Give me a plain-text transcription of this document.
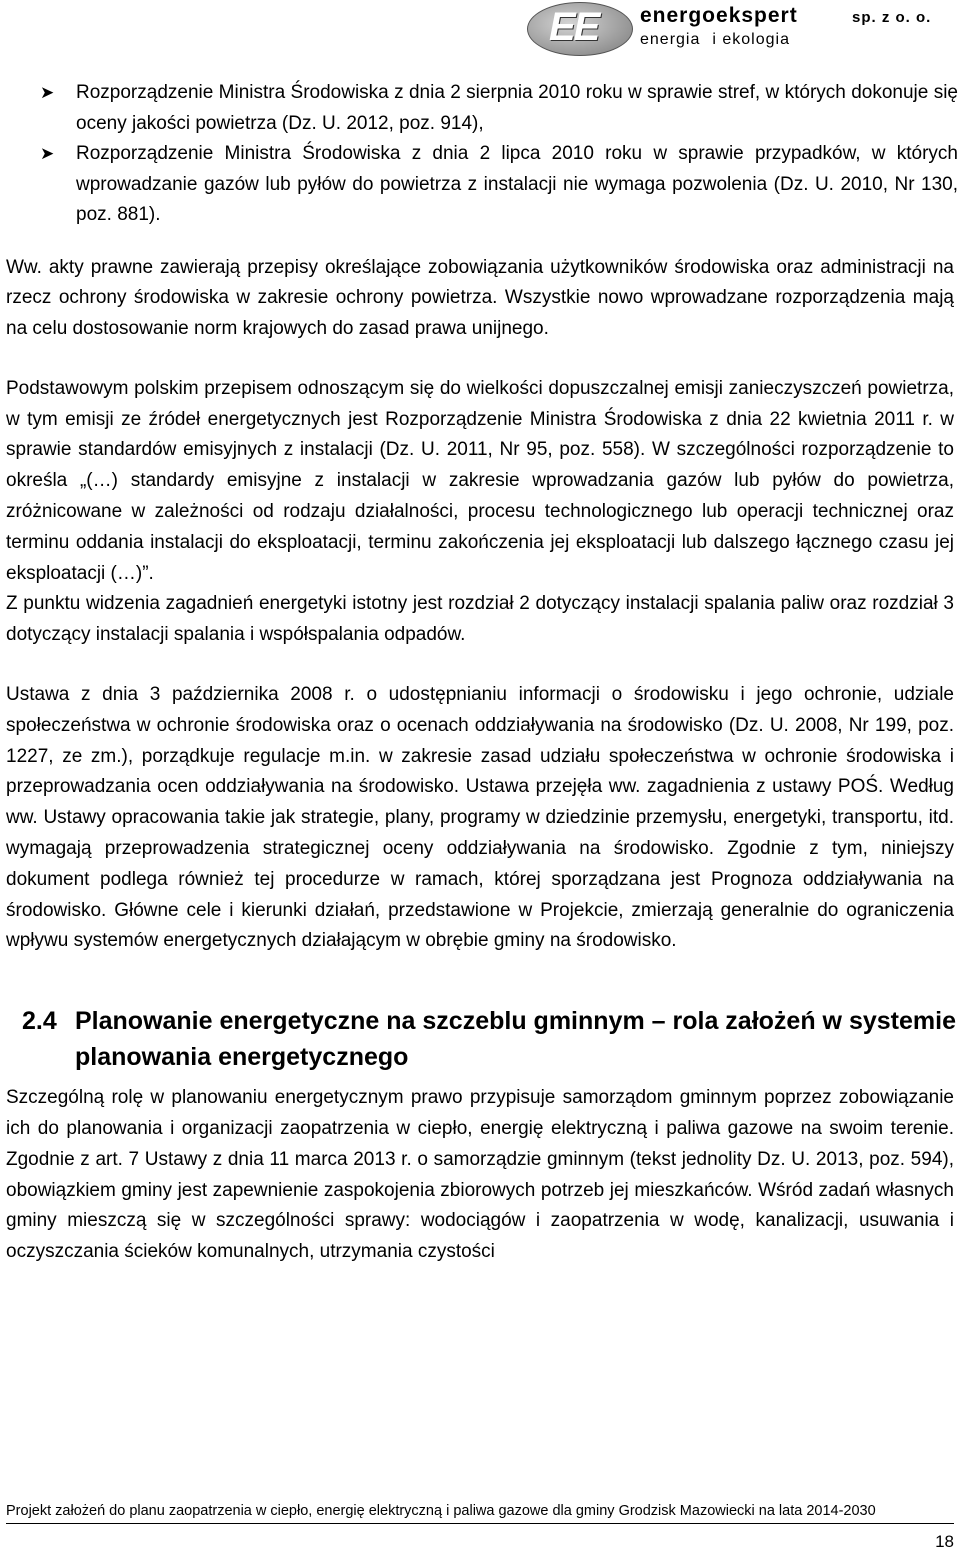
EE energoekspert
energia i ekologia
sp. z o. o.
➤ Rozporządzenie Ministra Środowiska z dnia 2 sierpnia 2010 roku w sprawie stref, w których dokonuje się oceny jakości powietrza (Dz. U. 2012, poz. 914),
➤ Rozporządzenie Ministra Środowiska z dnia 2 lipca 2010 roku w sprawie przypadków, w których wprowadzanie gazów lub pyłów do powietrza z instalacji nie wymaga pozwolenia (Dz. U. 2010, Nr 130, poz. 881).

Ww. akty prawne zawierają przepisy określające zobowiązania użytkowników środowiska oraz administracji na rzecz ochrony środowiska w zakresie ochrony powietrza. Wszystkie nowo wprowadzane rozporządzenia mają na celu dostosowanie norm krajowych do zasad prawa unijnego.

Podstawowym polskim przepisem odnoszącym się do wielkości dopuszczalnej emisji zanieczyszczeń powietrza, w tym emisji ze źródeł energetycznych jest Rozporządzenie Ministra Środowiska z dnia 22 kwietnia 2011 r. w sprawie standardów emisyjnych z instalacji (Dz. U. 2011, Nr 95, poz. 558). W szczególności rozporządzenie to określa „(…) standardy emisyjne z instalacji w zakresie wprowadzania gazów lub pyłów do powietrza, zróżnicowane w zależności od rodzaju działalności, procesu technologicznego lub operacji technicznej oraz terminu oddania instalacji do eksploatacji, terminu zakończenia jej eksploatacji lub dalszego łącznego czasu jej eksploatacji (…)”.

Z punktu widzenia zagadnień energetyki istotny jest rozdział 2 dotyczący instalacji spalania paliw oraz rozdział 3 dotyczący instalacji spalania i współspalania odpadów.

Ustawa z dnia 3 października 2008 r. o udostępnianiu informacji o środowisku i jego ochronie, udziale społeczeństwa w ochronie środowiska oraz o ocenach oddziaływania na środowisko (Dz. U. 2008, Nr 199, poz. 1227, ze zm.), porządkuje regulacje m.in. w zakresie zasad udziału społeczeństwa w ochronie środowiska i przeprowadzania ocen oddziaływania na środowisko. Ustawa przejęła ww. zagadnienia z ustawy POŚ. Według ww. Ustawy opracowania takie jak strategie, plany, programy w dziedzinie przemysłu, energetyki, transportu, itd. wymagają przeprowadzenia strategicznej oceny oddziaływania na środowisko. Zgodnie z tym, niniejszy dokument podlega również tej procedurze w ramach, której sporządzana jest Prognoza oddziaływania na środowisko. Główne cele i kierunki działań, przedstawione w Projekcie, zmierzają generalnie do ograniczenia wpływu systemów energetycznych działającym w obrębie gminy na środowisko.

2.4 Planowanie energetyczne na szczeblu gminnym – rola założeń w systemie planowania energetycznego

Szczególną rolę w planowaniu energetycznym prawo przypisuje samorządom gminnym poprzez zobowiązanie ich do planowania i organizacji zaopatrzenia w ciepło, energię elektryczną i paliwa gazowe na swoim terenie. Zgodnie z art. 7 Ustawy z dnia 11 marca 2013 r. o samorządzie gminnym (tekst jednolity Dz. U. 2013, poz. 594), obowiązkiem gminy jest zapewnienie zaspokojenia zbiorowych potrzeb jej mieszkańców. Wśród zadań własnych gminy mieszczą się w szczególności sprawy: wodociągów i zaopatrzenia w wodę, kanalizacji, usuwania i oczyszczania ścieków komunalnych, utrzymania czystości

Projekt założeń do planu zaopatrzenia w ciepło, energię elektryczną i paliwa gazowe dla gminy Grodzisk Mazowiecki na lata 2014-2030
18
